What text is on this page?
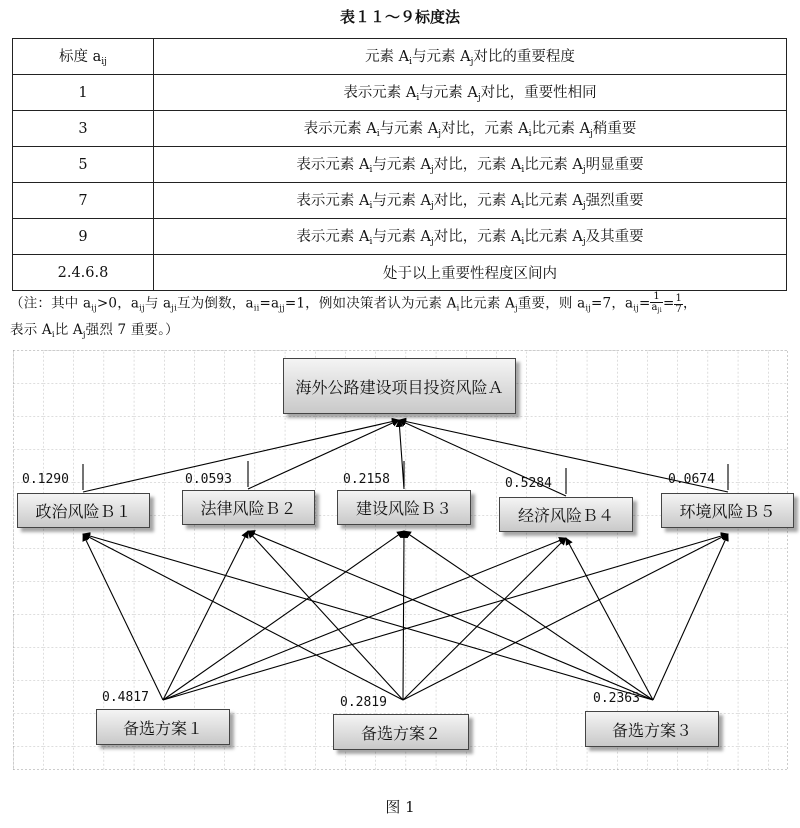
表１１～９标度法
标度 $a_{ij}$	元素 $A_i$与元素 $A_j$对比的重要程度
1	表示元素 $A_i$与元素 $A_j$对比，重要性相同
3	表示元素 $A_i$与元素 $A_j$对比，元素 $A_i$比元素 $A_j$稍重要
5	表示元素 $A_i$与元素 $A_j$对比，元素 $A_i$比元素 $A_j$明显重要
7	表示元素 $A_i$与元素 $A_j$对比，元素 $A_i$比元素 $A_j$强烈重要
9	表示元素 $A_i$与元素 $A_j$对比，元素 $A_i$比元素 $A_j$及其重要
2.4.6.8	处于以上重要性程度区间内
（注：其中 $a_{ij}>0$，$a_{ij}$与 $a_{ji}$互为倒数，$a_{ii}=a_{jj}=1$，例如决策者认为元素 $A_i$比元素 $A_j$重要，则 $a_{ij}=7$，$a_{ij}= \frac{1}{a_{ji}} = \frac{1}{7}$ ，
表示 $A_i$比 $A_j$强烈 7 重要。）
海外公路建设项目投资风险Ａ
0.1290
政治风险Ｂ１
0.0593
法律风险Ｂ２
0.2158
建设风险Ｂ３
0.5284
经济风险Ｂ４
0.0674
环境风险Ｂ５
0.4817
备选方案１
0.2819
备选方案２
0.2363
备选方案３
图 1
